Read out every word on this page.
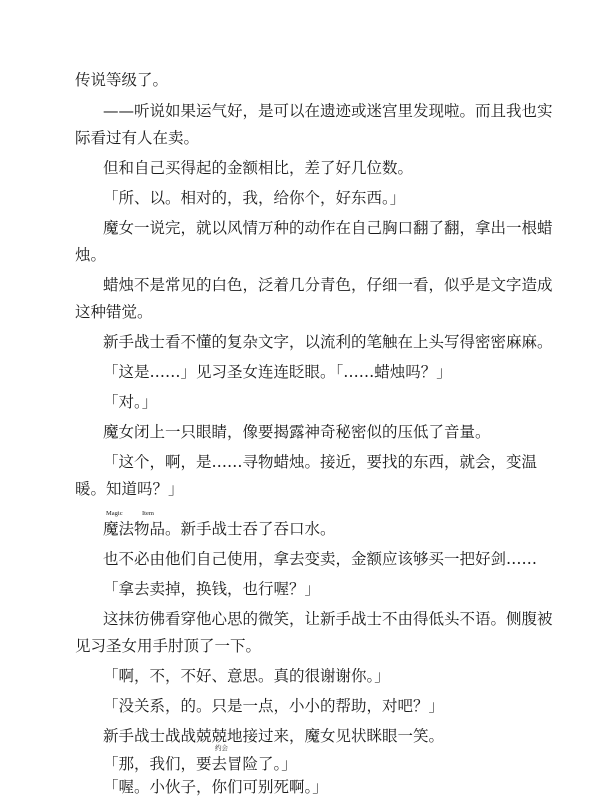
传说等级了。
——听说如果运气好，是可以在遗迹或迷宫里发现啦。而且我也实
际看过有人在卖。
但和自己买得起的金额相比，差了好几位数。
「所、以。相对的，我，给你个，好东西。」
魔女一说完，就以风情万种的动作在自己胸口翻了翻，拿出一根蜡
烛。
蜡烛不是常见的白色，泛着几分青色，仔细一看，似乎是文字造成
这种错觉。
新手战士看不懂的复杂文字，以流利的笔触在上头写得密密麻麻。
「这是……」见习圣女连连眨眼。「……蜡烛吗？」
「对。」
魔女闭上一只眼睛，像要揭露神奇秘密似的压低了音量。
「这个，啊，是……寻物蜡烛。接近，要找的东西，就会，变温
暖。知道吗？」
Magic	Item
魔法物品。新手战士吞了吞口水。
也不必由他们自己使用，拿去变卖，金额应该够买一把好剑……
「拿去卖掉，换钱，也行喔？」
这抹彷佛看穿他心思的微笑，让新手战士不由得低头不语。侧腹被
见习圣女用手肘顶了一下。
「啊，不，不好、意思。真的很谢谢你。」
「没关系，的。只是一点，小小的帮助，对吧？」
新手战士战战兢兢地接过来，魔女见状眯眼一笑。
约会
「那，我们，要去冒险了。」
「喔。小伙子，你们可别死啊。」
